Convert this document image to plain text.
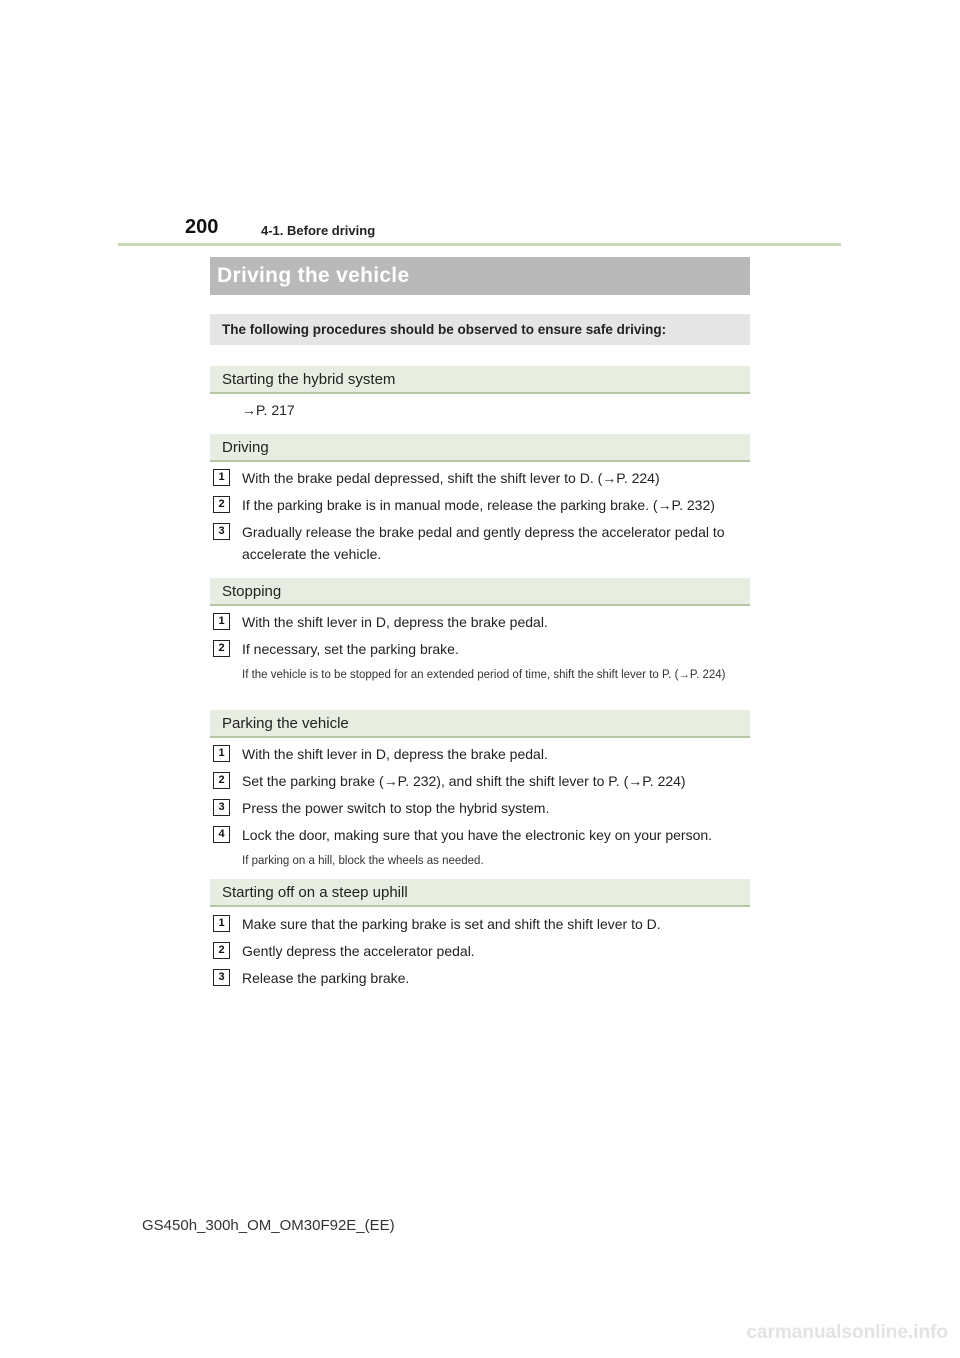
200	4-1. Before driving
Driving the vehicle
The following procedures should be observed to ensure safe driving:
Starting the hybrid system
→P. 217
Driving
1	With the brake pedal depressed, shift the shift lever to D. (→P. 224)
2	If the parking brake is in manual mode, release the parking brake. (→P. 232)
3	Gradually release the brake pedal and gently depress the accelerator pedal to accelerate the vehicle.
Stopping
1	With the shift lever in D, depress the brake pedal.
2	If necessary, set the parking brake.
If the vehicle is to be stopped for an extended period of time, shift the shift lever to P. (→P. 224)
Parking the vehicle
1	With the shift lever in D, depress the brake pedal.
2	Set the parking brake (→P. 232), and shift the shift lever to P. (→P. 224)
3	Press the power switch to stop the hybrid system.
4	Lock the door, making sure that you have the electronic key on your person.
If parking on a hill, block the wheels as needed.
Starting off on a steep uphill
1	Make sure that the parking brake is set and shift the shift lever to D.
2	Gently depress the accelerator pedal.
3	Release the parking brake.
GS450h_300h_OM_OM30F92E_(EE)
carmanualsonline.info
